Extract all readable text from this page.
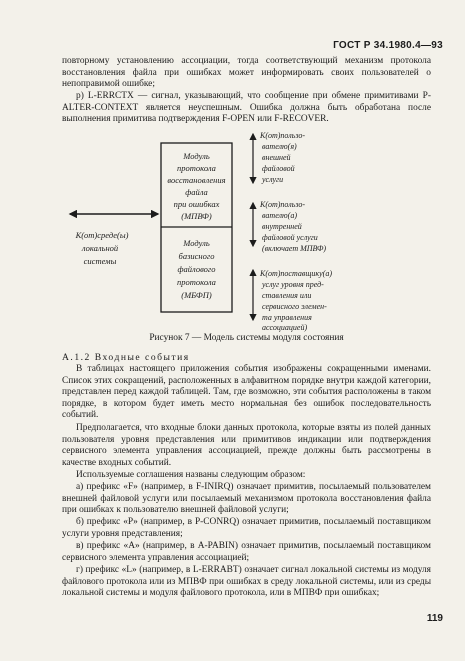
ГОСТ Р 34.1980.4—93

повторному установлению ассоциации, тогда соответствующий механизм протокола восстановления файла при ошибках может информировать своих пользователей о непоправимой ошибке;

р) L-ERRCTX — сигнал, указывающий, что сообщение при обмене примитивами P-ALTER-CONTEXT является неуспешным. Ошибка должна быть обработана после выполнения примитива подтверждения F-OPEN или F-RECOVER.

Модуль
протокола
восстановления
файла
при ошибках
(МПВФ)
Модуль
базисного
файлового
протокола
(МБФП)
К(от)среде(ы)
локальной
системы
К(от)пользо-
вателю(я)
внешней
файловой
услуги
К(от)пользо-
вателю(а)
внутренней
файловой услуги
(включает МПВФ)
К(от)поставщику(а)
услуг уровня пред-
ставления или
сервисного элемен-
та управления
ассоциацией)
Рисунок 7 — Модель системы модуля состояния
А.1.2 Входные события

В таблицах настоящего приложения события изображены сокращенными именами. Список этих сокращений, расположенных в алфавитном порядке внутри каждой категории, представлен перед каждой таблицей. Там, где возможно, эти события расположены в таком порядке, в котором будет иметь место нормальная без ошибок последовательность событий.

Предполагается, что входные блоки данных протокола, которые взяты из полей данных пользователя уровня представления или примитивов индикации или подтверждения сервисного элемента управления ассоциацией, прежде должны быть рассмотрены в качестве входных событий.

Используемые соглашения названы следующим образом:

а) префикс «F» (например, в F-INIRQ) означает примитив, посылаемый пользователем внешней файловой услуги или посылаемый механизмом протокола восстановления файла при ошибках к пользователю внешней файловой услуги;

б) префикс «P» (например, в P-CONRQ) означает примитив, посылаемый поставщиком услуги уровня представления;

в) префикс «A» (например, в A-PABIN) означает примитив, посылаемый поставщиком сервисного элемента управления ассоциацией;

г) префикс «L» (например, в L-ERRABT) означает сигнал локальной системы из модуля файлового протокола или из МПВФ при ошибках в среду локальной системы, или из среды локальной системы и модуля файлового протокола, или в МПВФ при ошибках;

119
